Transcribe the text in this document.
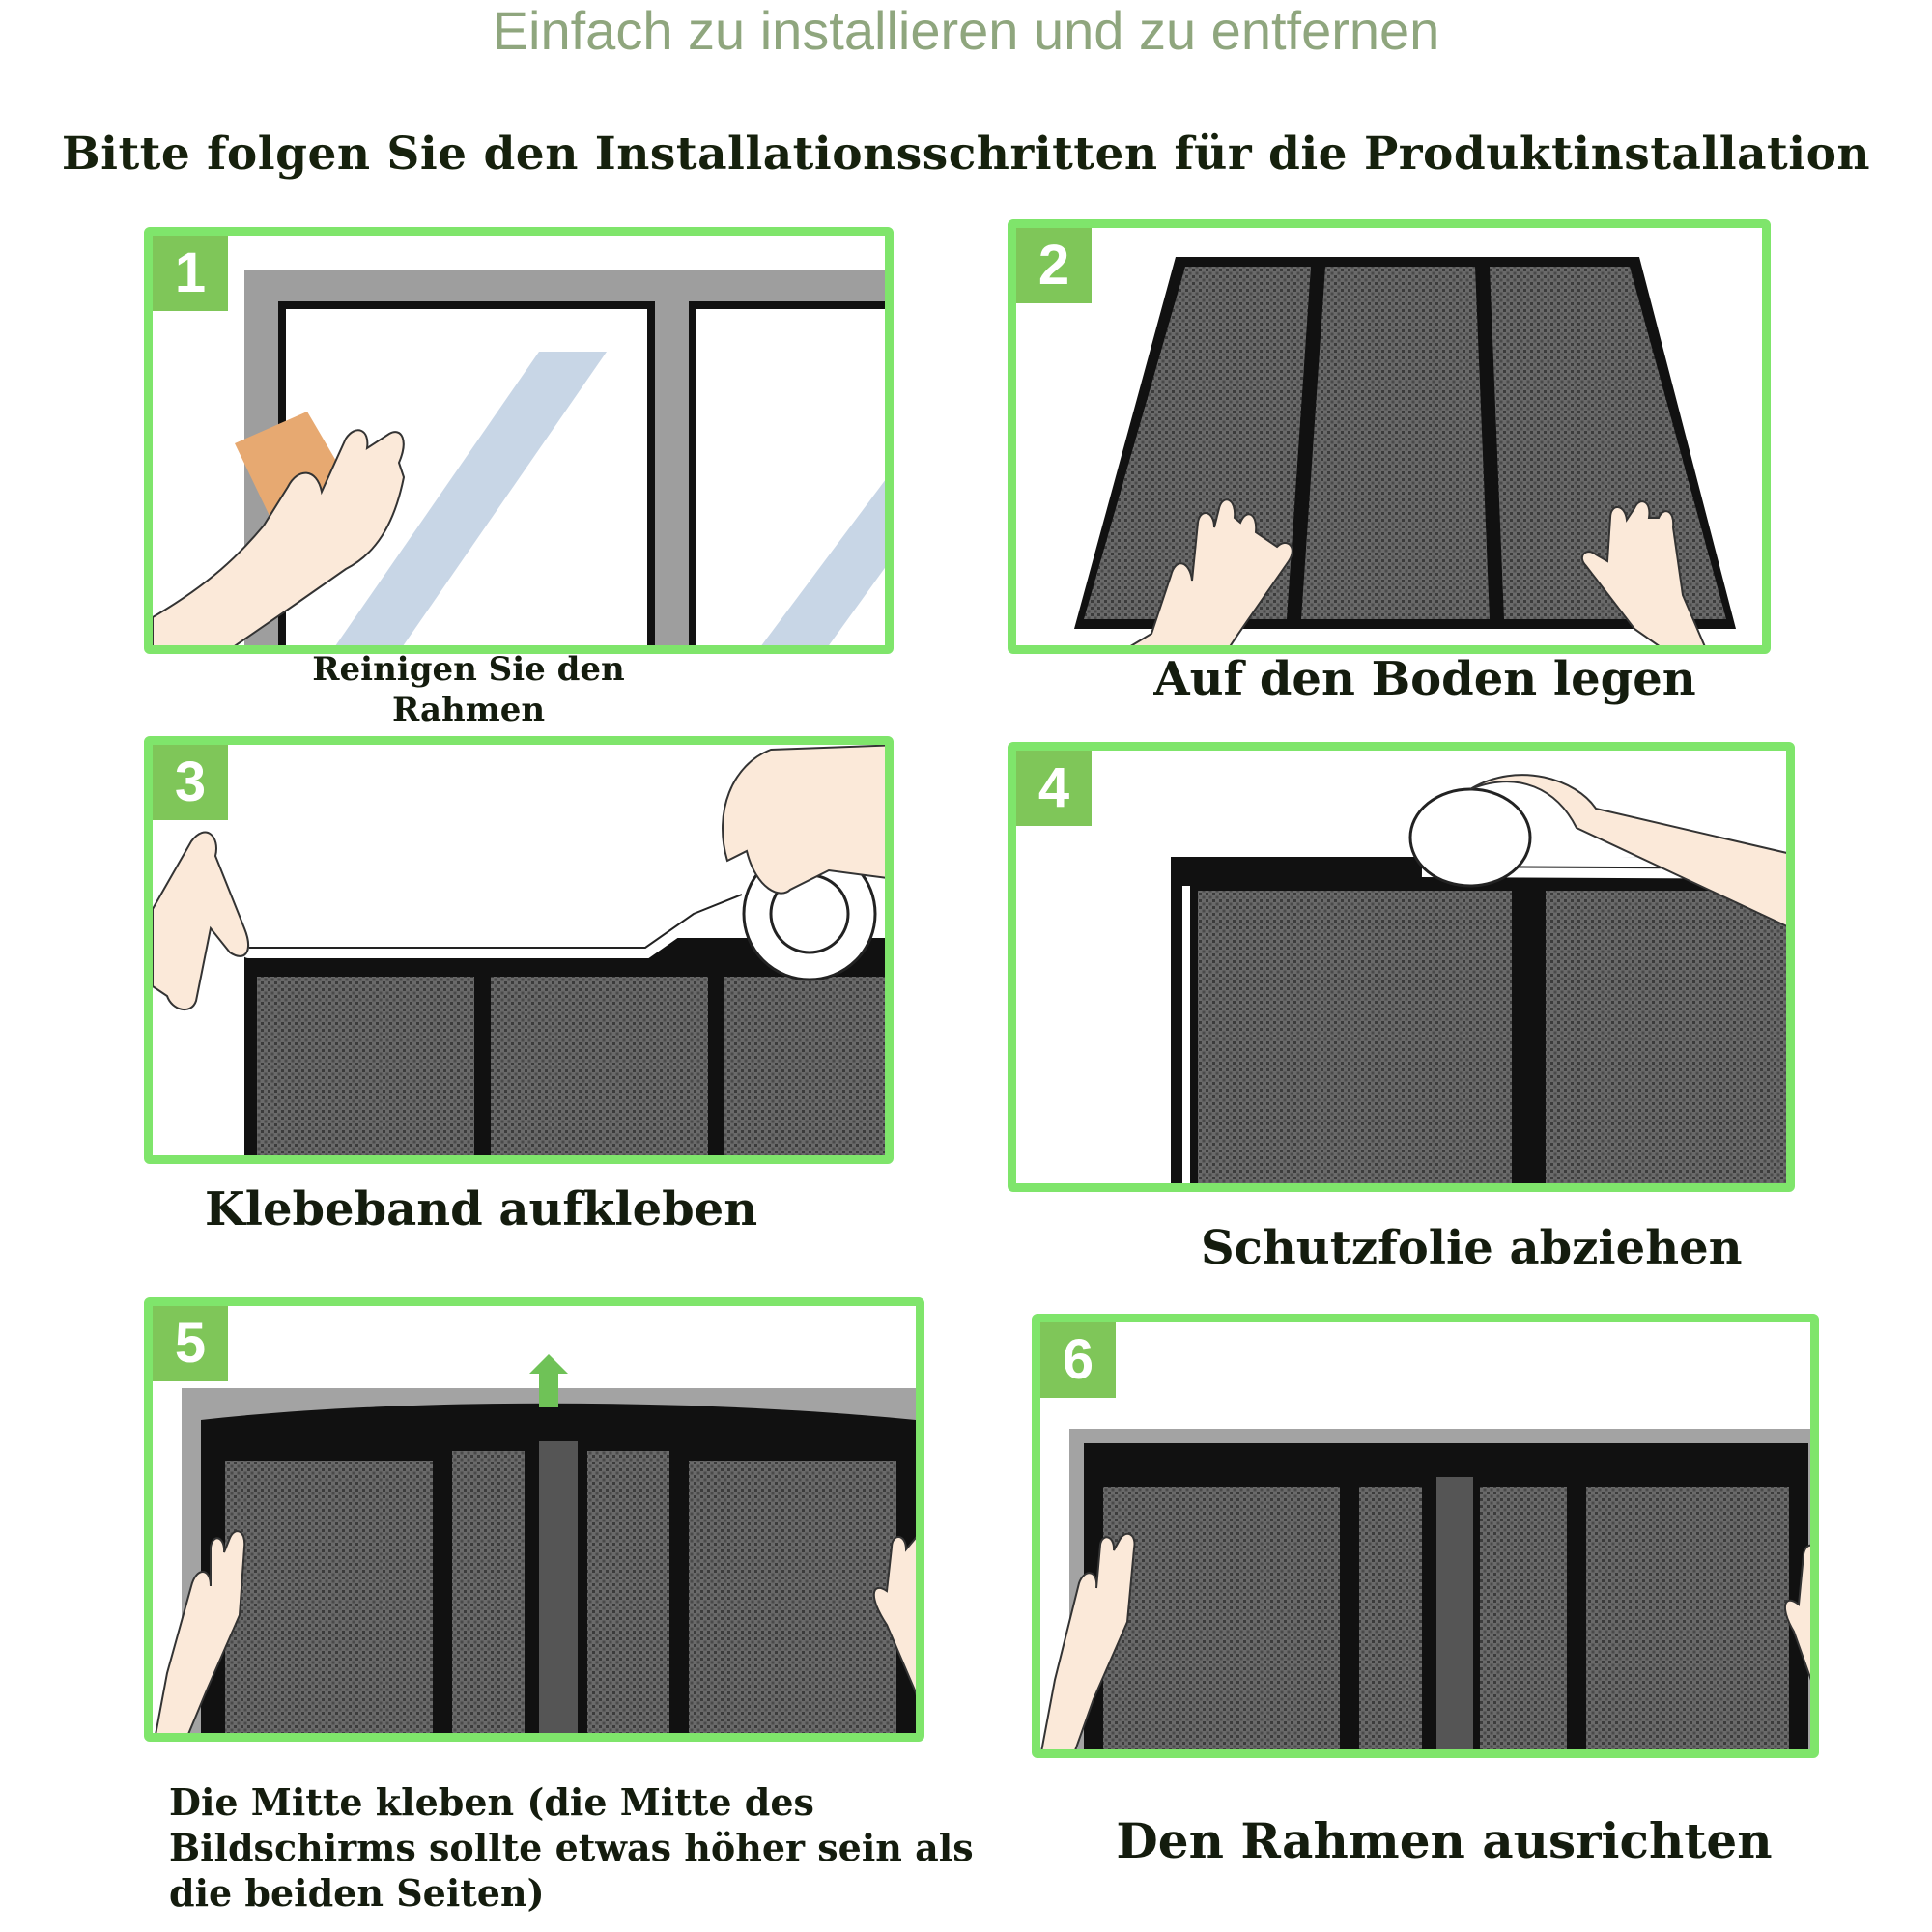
Einfach zu installieren und zu entfernen
Bitte folgen Sie den Installationsschritten für die Produktinstallation
1
Reinigen Sie den Rahmen
2
Auf den Boden legen
3
Klebeband aufkleben
4
Schutzfolie abziehen
5
Die Mitte kleben (die Mitte des Bildschirms sollte etwas höher sein als die beiden Seiten)
6
Den Rahmen ausrichten
